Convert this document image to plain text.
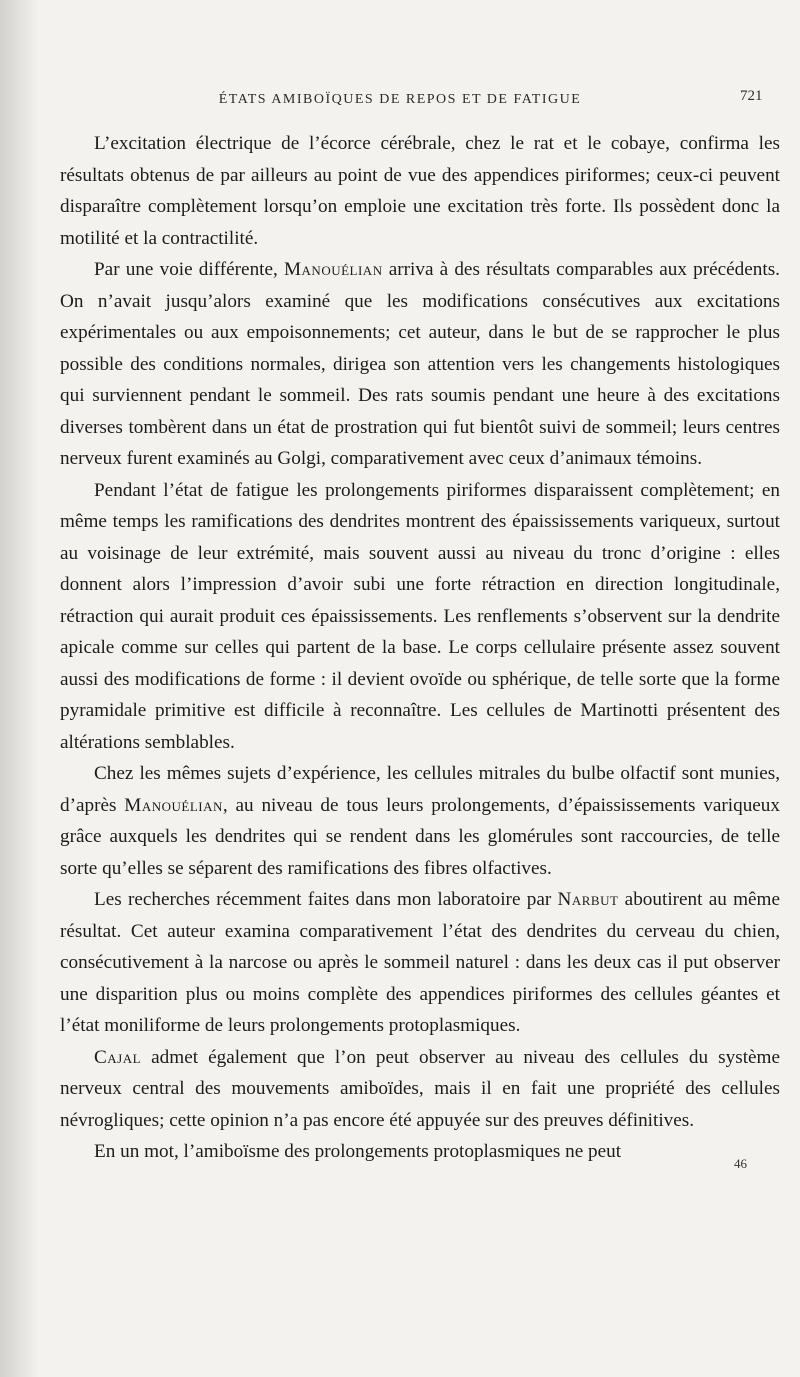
ÉTATS AMIBOÏQUES DE REPOS ET DE FATIGUE	721

L’excitation électrique de l’écorce cérébrale, chez le rat et le cobaye, confirma les résultats obtenus de par ailleurs au point de vue des appendices piriformes; ceux-ci peuvent disparaître complètement lorsqu’on emploie une excitation très forte. Ils possèdent donc la motilité et la contractilité.

Par une voie différente, Manouélian arriva à des résultats comparables aux précédents. On n’avait jusqu’alors examiné que les modifications consécutives aux excitations expérimentales ou aux empoisonnements; cet auteur, dans le but de se rapprocher le plus possible des conditions normales, dirigea son attention vers les changements histologiques qui surviennent pendant le sommeil. Des rats soumis pendant une heure à des excitations diverses tombèrent dans un état de prostration qui fut bientôt suivi de sommeil; leurs centres nerveux furent examinés au Golgi, comparativement avec ceux d’animaux témoins.

Pendant l’état de fatigue les prolongements piriformes disparaissent complètement; en même temps les ramifications des dendrites montrent des épaississements variqueux, surtout au voisinage de leur extrémité, mais souvent aussi au niveau du tronc d’origine : elles donnent alors l’impression d’avoir subi une forte rétraction en direction longitudinale, rétraction qui aurait produit ces épaississements. Les renflements s’observent sur la dendrite apicale comme sur celles qui partent de la base. Le corps cellulaire présente assez souvent aussi des modifications de forme : il devient ovoïde ou sphérique, de telle sorte que la forme pyramidale primitive est difficile à reconnaître. Les cellules de Martinotti présentent des altérations semblables.

Chez les mêmes sujets d’expérience, les cellules mitrales du bulbe olfactif sont munies, d’après Manouélian, au niveau de tous leurs prolongements, d’épaississements variqueux grâce auxquels les dendrites qui se rendent dans les glomérules sont raccourcies, de telle sorte qu’elles se séparent des ramifications des fibres olfactives.

Les recherches récemment faites dans mon laboratoire par Narbut aboutirent au même résultat. Cet auteur examina comparativement l’état des dendrites du cerveau du chien, consécutivement à la narcose ou après le sommeil naturel : dans les deux cas il put observer une disparition plus ou moins complète des appendices piriformes des cellules géantes et l’état moniliforme de leurs prolongements protoplasmiques.

Cajal admet également que l’on peut observer au niveau des cellules du système nerveux central des mouvements amiboïdes, mais il en fait une propriété des cellules névrogliques; cette opinion n’a pas encore été appuyée sur des preuves définitives.

En un mot, l’amiboïsme des prolongements protoplasmiques ne peut

46
